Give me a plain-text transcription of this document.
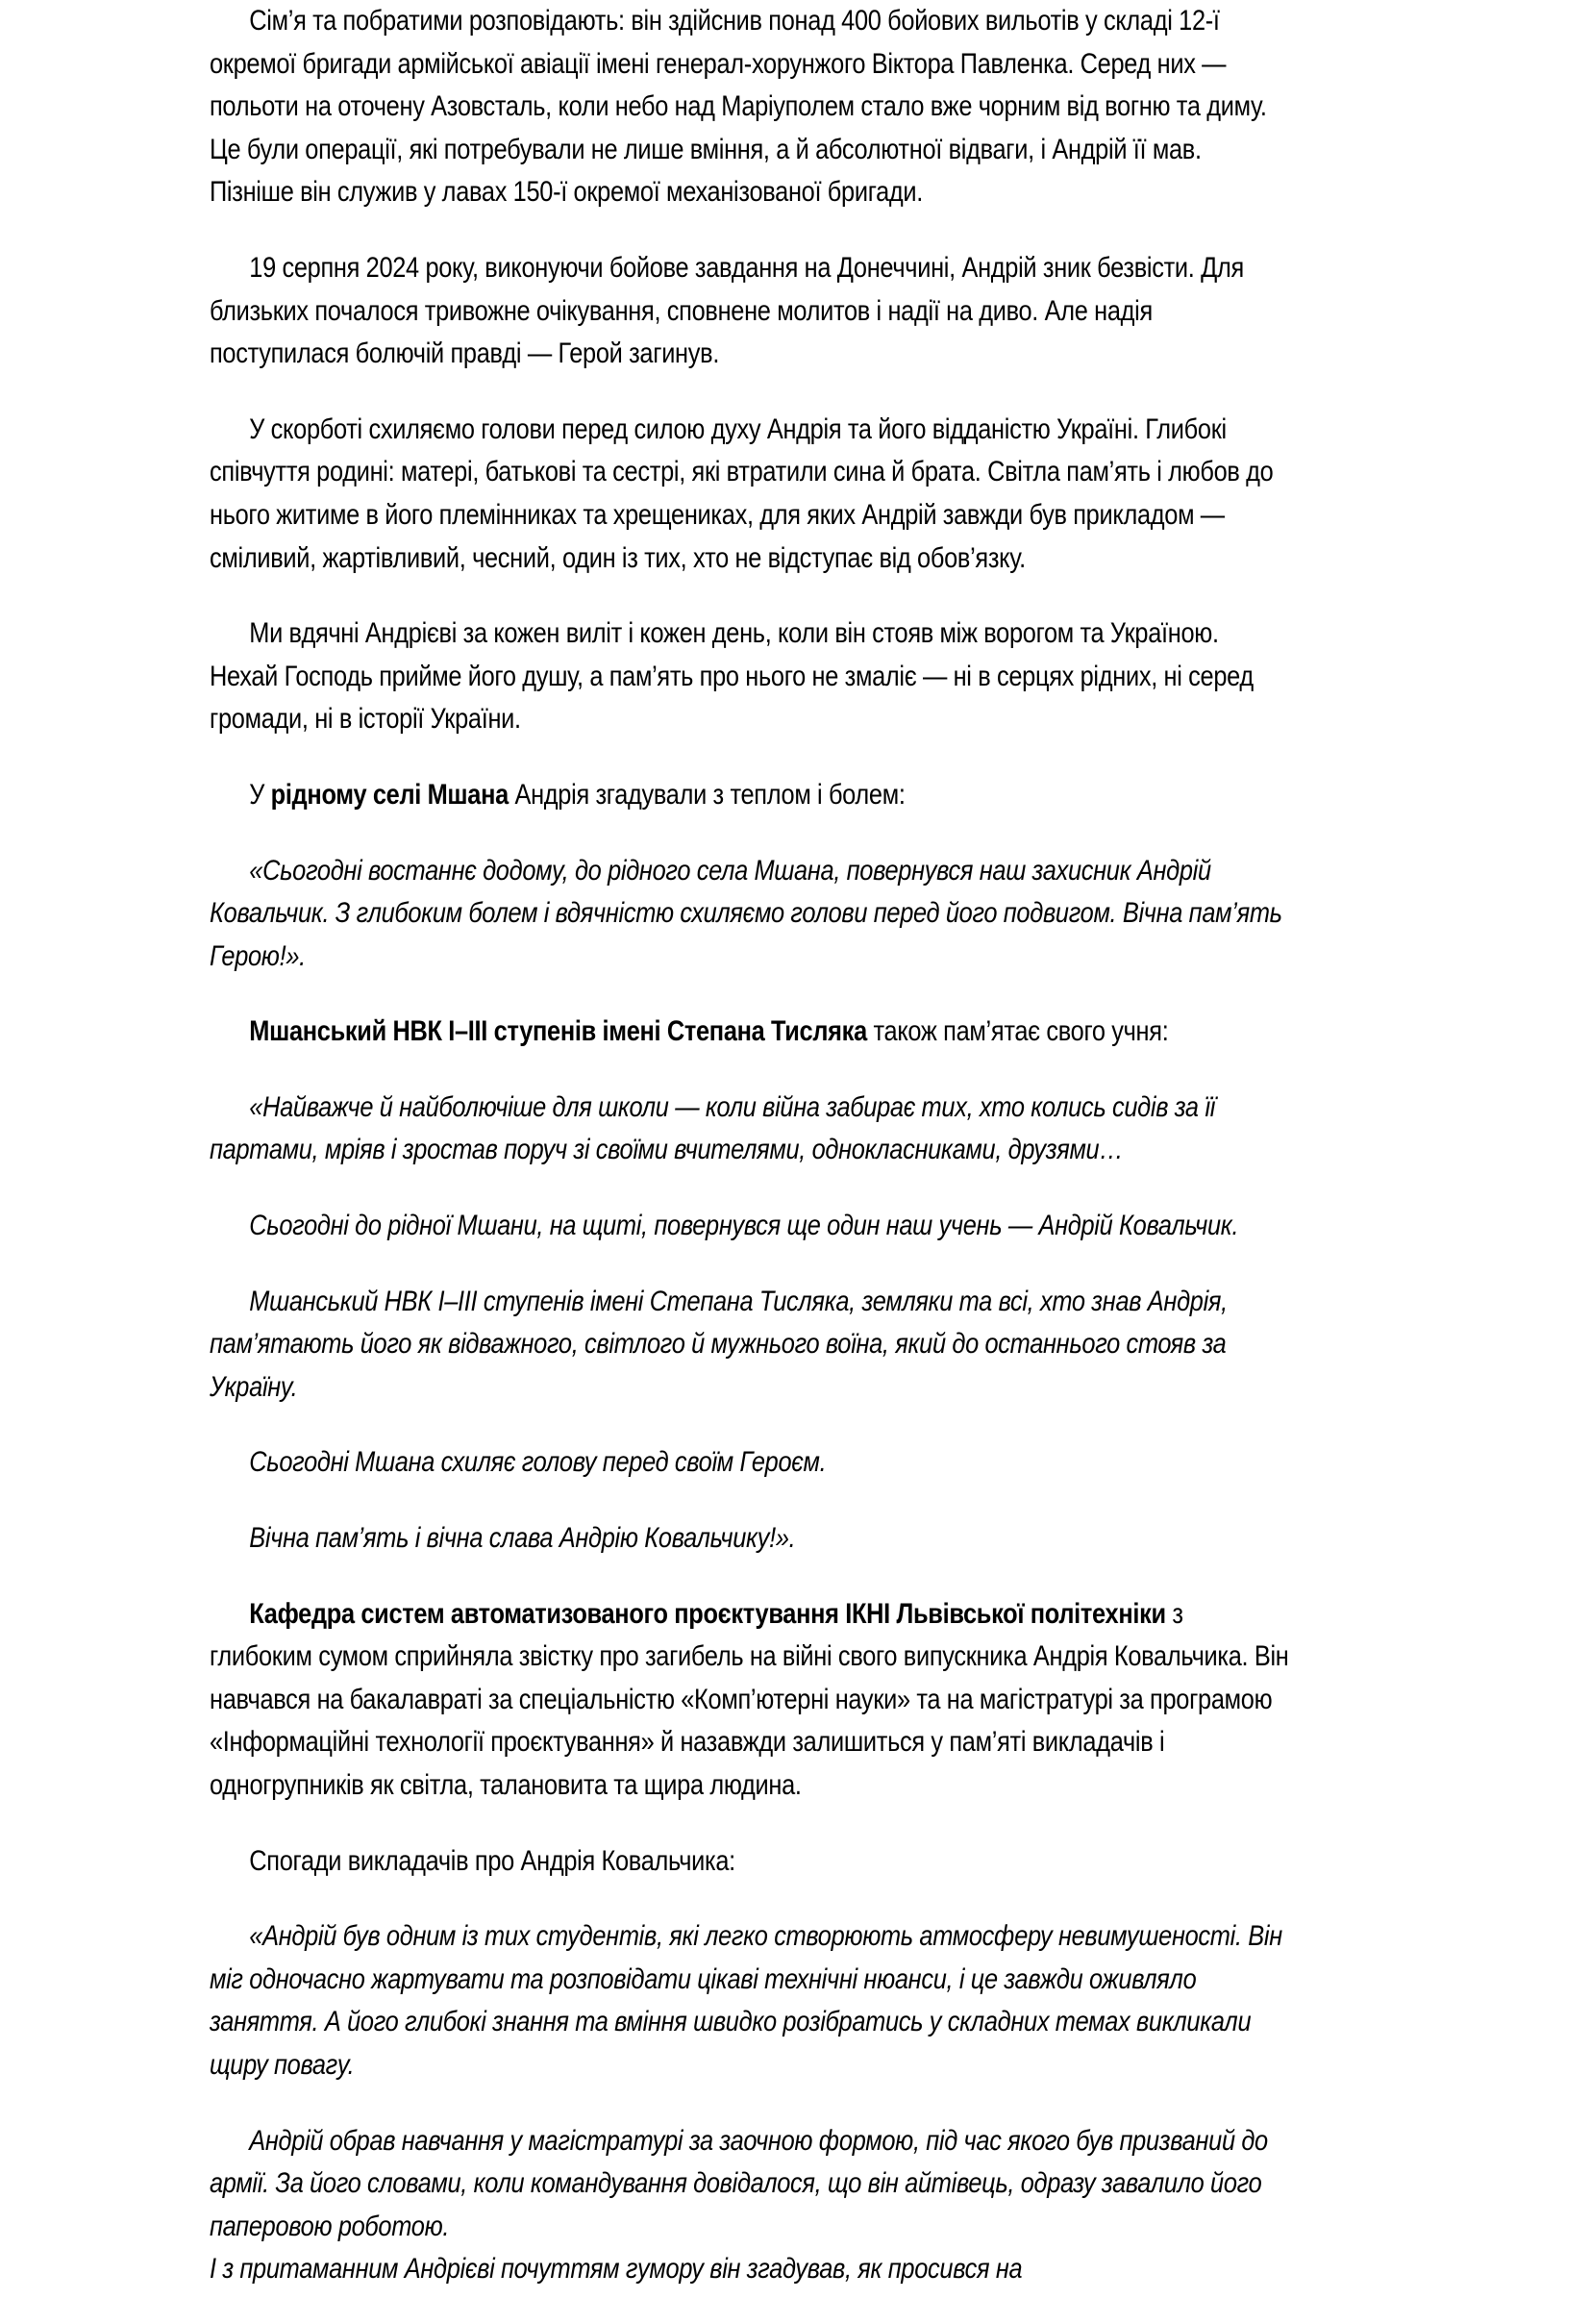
Сім’я та побратими розповідають: він здійснив понад 400 бойових вильотів у складі 12-ї окремої бригади армійської авіації імені генерал-хорунжого Віктора Павленка. Серед них — польоти на оточену Азовсталь, коли небо над Маріуполем стало вже чорним від вогню та диму. Це були операції, які потребували не лише вміння, а й абсолютної відваги, і Андрій її мав. Пізніше він служив у лавах 150-ї окремої механізованої бригади.

19 серпня 2024 року, виконуючи бойове завдання на Донеччині, Андрій зник безвісти. Для близьких почалося тривожне очікування, сповнене молитов і надії на диво. Але надія поступилася болючій правді — Герой загинув.

У скорботі схиляємо голови перед силою духу Андрія та його відданістю Україні. Глибокі співчуття родині: матері, батькові та сестрі, які втратили сина й брата. Світла пам’ять і любов до нього житиме в його племінниках та хрещениках, для яких Андрій завжди був прикладом — сміливий, жартівливий, чесний, один із тих, хто не відступає від обов’язку.

Ми вдячні Андрієві за кожен виліт і кожен день, коли він стояв між ворогом та Україною. Нехай Господь прийме його душу, а пам’ять про нього не змаліє — ні в серцях рідних, ні серед громади, ні в історії України.

У рідному селі Мшана Андрія згадували з теплом і болем:

«Сьогодні востаннє додому, до рідного села Мшана, повернувся наш захисник Андрій Ковальчик. З глибоким болем і вдячністю схиляємо голови перед його подвигом. Вічна пам’ять Герою!».

Мшанський НВК І–ІІІ ступенів імені Степана Тисляка також пам’ятає свого учня:

«Найважче й найболючіше для школи — коли війна забирає тих, хто колись сидів за її партами, мріяв і зростав поруч зі своїми вчителями, однокласниками, друзями…

Сьогодні до рідної Мшани, на щиті, повернувся ще один наш учень — Андрій Ковальчик.

Мшанський НВК І–ІІІ ступенів імені Степана Тисляка, земляки та всі, хто знав Андрія, пам’ятають його як відважного, світлого й мужнього воїна, який до останнього стояв за Україну.

Сьогодні Мшана схиляє голову перед своїм Героєм.

Вічна пам’ять і вічна слава Андрію Ковальчику!».

Кафедра систем автоматизованого проєктування ІКНІ Львівської політехніки з глибоким сумом сприйняла звістку про загибель на війні свого випускника Андрія Ковальчика. Він навчався на бакалавраті за спеціальністю «Комп’ютерні науки» та на магістратурі за програмою «Інформаційні технології проєктування» й назавжди залишиться у пам’яті викладачів і одногрупників як світла, талановита та щира людина.

Спогади викладачів про Андрія Ковальчика:

«Андрій був одним із тих студентів, які легко створюють атмосферу невимушеності. Він міг одночасно жартувати та розповідати цікаві технічні нюанси, і це завжди оживляло заняття. А його глибокі знання та вміння швидко розібратись у складних темах викликали щиру повагу.

Андрій обрав навчання у магістратурі за заочною формою, під час якого був призваний до армії. За його словами, коли командування довідалося, що він айтівець, одразу завалило його паперовою роботою.

І з притаманним Андрієві почуттям гумору він згадував, як просився на
